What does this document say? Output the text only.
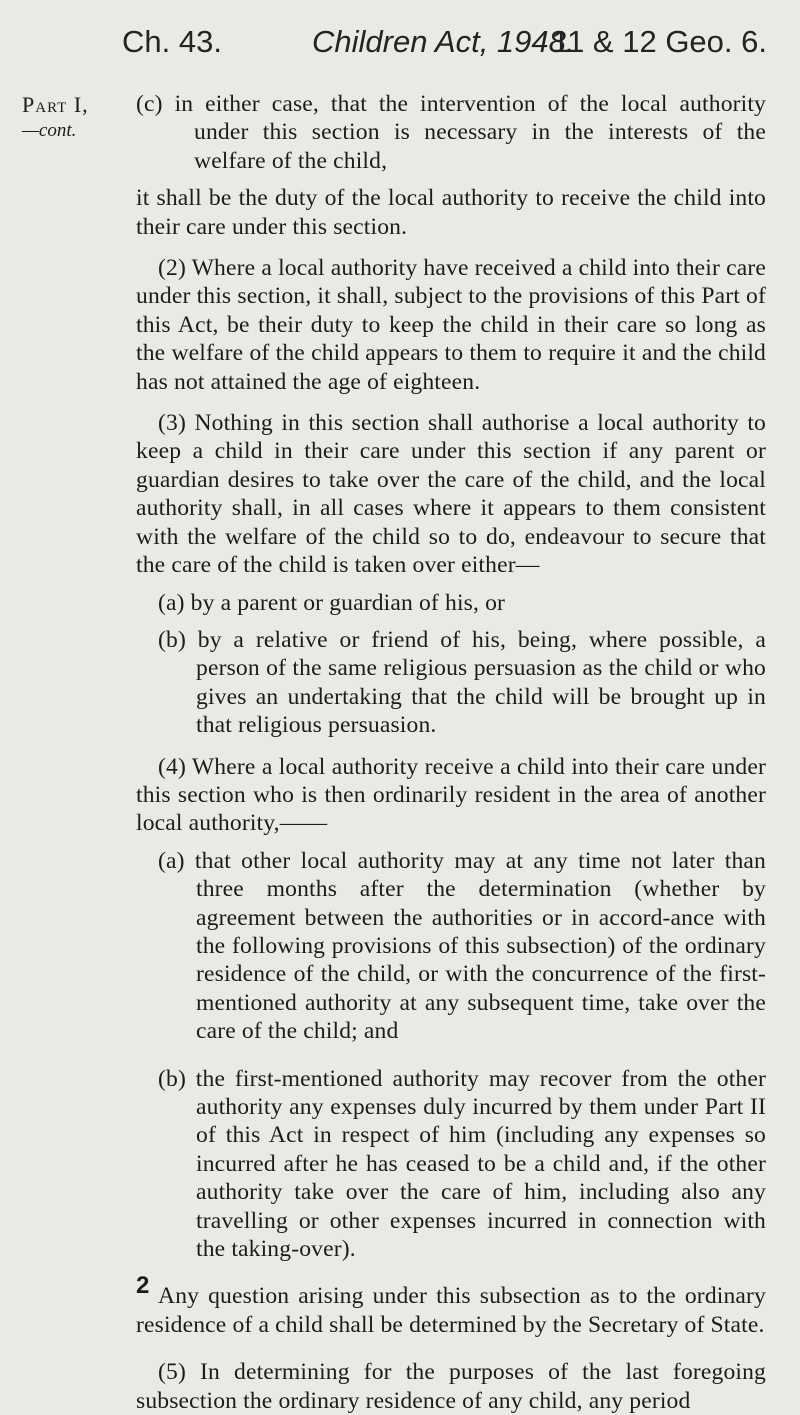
Ch. 43.	Children Act, 1948.
11 & 12 Geo. 6.
Part I,
—cont.

(c) in either case, that the intervention of the local authority under this section is necessary in the interests of the welfare of the child,

it shall be the duty of the local authority to receive the child into their care under this section.

(2) Where a local authority have received a child into their care under this section, it shall, subject to the provisions of this Part of this Act, be their duty to keep the child in their care so long as the welfare of the child appears to them to require it and the child has not attained the age of eighteen.

(3) Nothing in this section shall authorise a local authority to keep a child in their care under this section if any parent or guardian desires to take over the care of the child, and the local authority shall, in all cases where it appears to them consistent with the welfare of the child so to do, endeavour to secure that the care of the child is taken over either—

(a) by a parent or guardian of his, or

(b) by a relative or friend of his, being, where possible, a person of the same religious persuasion as the child or who gives an undertaking that the child will be brought up in that religious persuasion.

(4) Where a local authority receive a child into their care under this section who is then ordinarily resident in the area of another local authority,——

(a) that other local authority may at any time not later than three months after the determination (whether by agreement between the authorities or in accord-ance with the following provisions of this subsection) of the ordinary residence of the child, or with the concurrence of the first-mentioned authority at any subsequent time, take over the care of the child; and

(b) the first-mentioned authority may recover from the other authority any expenses duly incurred by them under Part II of this Act in respect of him (including any expenses so incurred after he has ceased to be a child and, if the other authority take over the care of him, including also any travelling or other expenses incurred in connection with the taking-over).

Any question arising under this subsection as to the ordinary residence of a child shall be determined by the Secretary of State.

(5) In determining for the purposes of the last foregoing subsection the ordinary residence of any child, any period

2
